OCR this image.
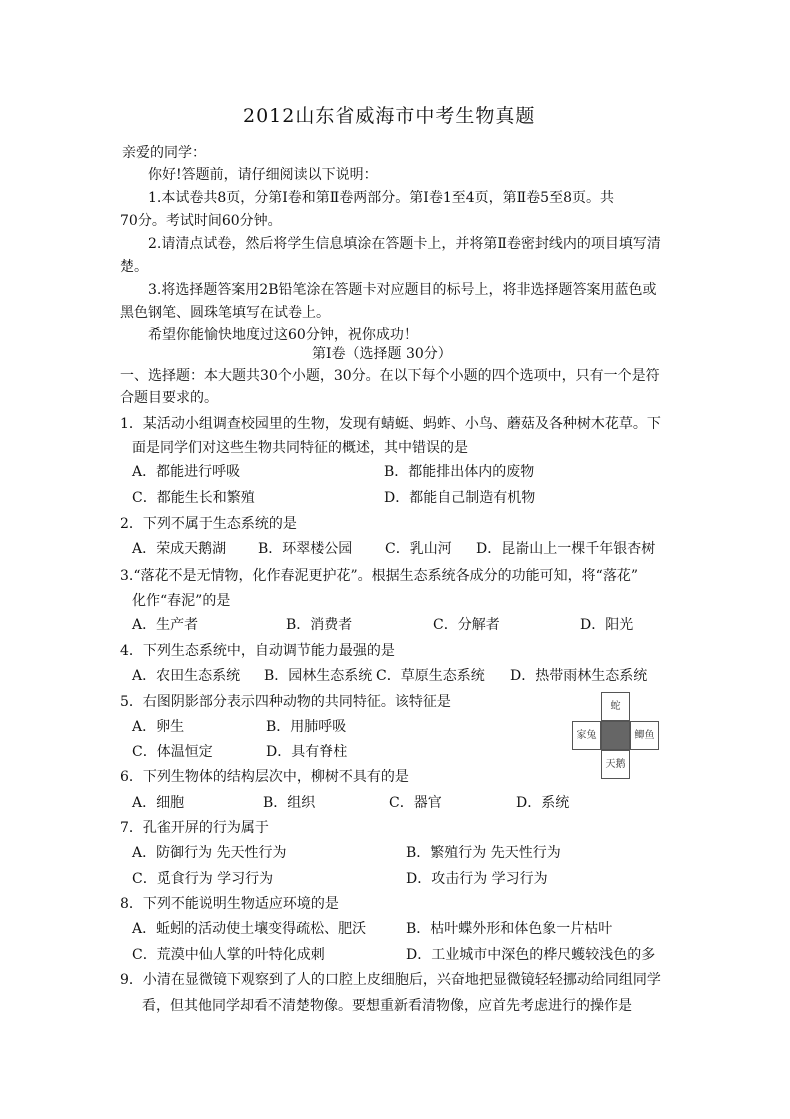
2012山东省威海市中考生物真题
亲爱的同学：
你好!答题前，请仔细阅读以下说明：
1.本试卷共8页，分第Ⅰ卷和第Ⅱ卷两部分。第Ⅰ卷1至4页，第Ⅱ卷5至8页。共
70分。考试时间60分钟。
2.请清点试卷，然后将学生信息填涂在答题卡上，并将第Ⅱ卷密封线内的项目填写清
楚。
3.将选择题答案用2B铅笔涂在答题卡对应题目的标号上，将非选择题答案用蓝色或
黑色钢笔、圆珠笔填写在试卷上。
希望你能愉快地度过这60分钟，祝你成功！
第Ⅰ卷（选择题 30分）
一、选择题：本大题共30个小题，30分。在以下每个小题的四个选项中，只有一个是符
合题目要求的。
1．某活动小组调查校园里的生物，发现有蜻蜓、蚂蚱、小鸟、蘑菇及各种树木花草。下
面是同学们对这些生物共同特征的概述，其中错误的是
A．都能进行呼吸	B．都能排出体内的废物
C．都能生长和繁殖	D．都能自己制造有机物
2．下列不属于生态系统的是
A．荣成天鹅湖 B．环翠楼公园 C．乳山河 D．昆嵛山上一棵千年银杏树
3.“落花不是无情物，化作春泥更护花”。根据生态系统各成分的功能可知，将“落花”
化作“春泥”的是
A．生产者	B．消费者	C．分解者	D．阳光
4．下列生态系统中，自动调节能力最强的是
A．农田生态系统 B．园林生态系统 C．草原生态系统 D．热带雨林生态系统
5．右图阴影部分表示四种动物的共同特征。该特征是
A．卵生	B．用肺呼吸
C．体温恒定	D．具有脊柱
蛇
家兔	鲫鱼
天鹅
6．下列生物体的结构层次中，柳树不具有的是
A．细胞	B．组织	C．器官	D．系统
7．孔雀开屏的行为属于
A．防御行为 先天性行为	B．繁殖行为 先天性行为
C．觅食行为 学习行为	D．攻击行为 学习行为
8．下列不能说明生物适应环境的是
A．蚯蚓的活动使土壤变得疏松、肥沃	B．枯叶蝶外形和体色象一片枯叶
C．荒漠中仙人掌的叶特化成刺	D．工业城市中深色的桦尺蠖较浅色的多
9．小清在显微镜下观察到了人的口腔上皮细胞后，兴奋地把显微镜轻轻挪动给同组同学
看，但其他同学却看不清楚物像。要想重新看清物像，应首先考虑进行的操作是
